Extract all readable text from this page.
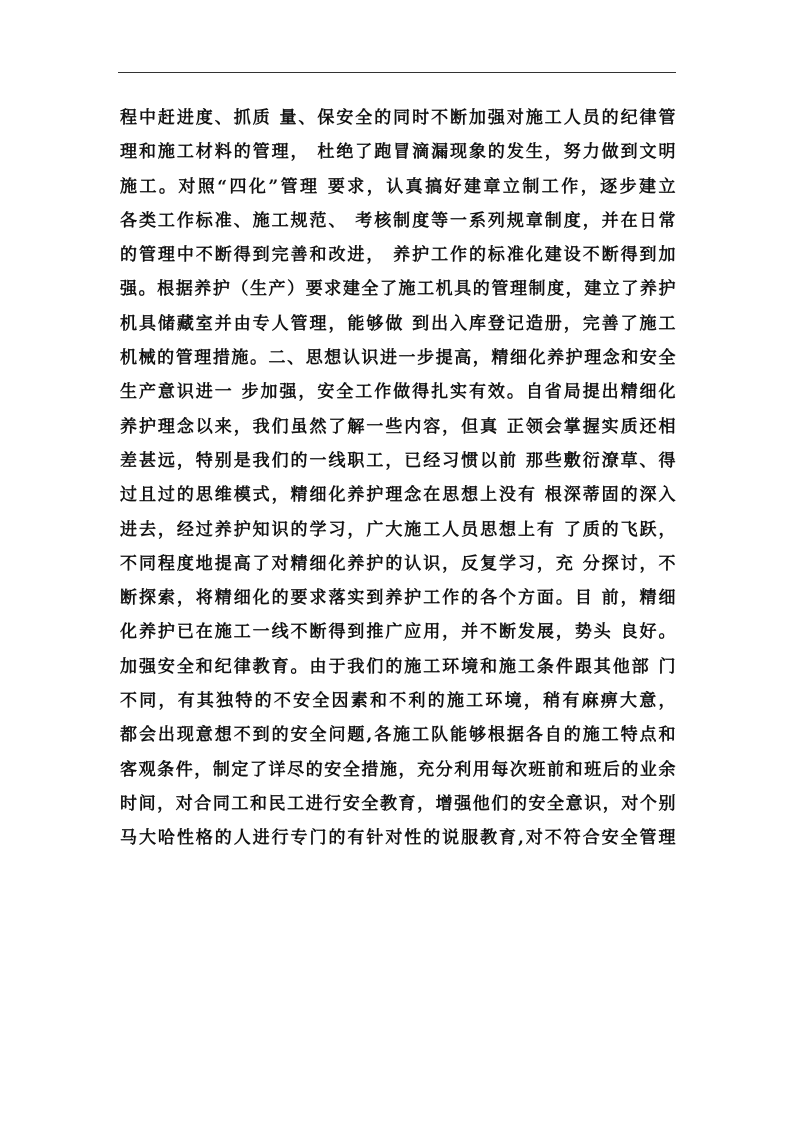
程中赶进度、抓质 量、保安全的同时不断加强对施工人员的纪律管
理和施工材料的管理， 杜绝了跑冒滴漏现象的发生，努力做到文明
施工。对照“四化”管理 要求，认真搞好建章立制工作，逐步建立
各类工作标准、施工规范、 考核制度等一系列规章制度，并在日常
的管理中不断得到完善和改进， 养护工作的标准化建设不断得到加
强。根据养护（生产）要求建全了施工机具的管理制度，建立了养护
机具储藏室并由专人管理，能够做 到出入库登记造册，完善了施工
机械的管理措施。二、思想认识进一步提高，精细化养护理念和安全
生产意识进一 步加强，安全工作做得扎实有效。自省局提出精细化
养护理念以来，我们虽然了解一些内容，但真 正领会掌握实质还相
差甚远，特别是我们的一线职工，已经习惯以前 那些敷衍潦草、得
过且过的思维模式，精细化养护理念在思想上没有 根深蒂固的深入
进去，经过养护知识的学习，广大施工人员思想上有 了质的飞跃，
不同程度地提高了对精细化养护的认识，反复学习，充 分探讨，不
断探索，将精细化的要求落实到养护工作的各个方面。目 前，精细
化养护已在施工一线不断得到推广应用，并不断发展，势头 良好。
加强安全和纪律教育。由于我们的施工环境和施工条件跟其他部 门
不同，有其独特的不安全因素和不利的施工环境，稍有麻痹大意，
都会出现意想不到的安全问题,各施工队能够根据各自的施工特点和
客观条件，制定了详尽的安全措施，充分利用每次班前和班后的业余
时间，对合同工和民工进行安全教育，增强他们的安全意识，对个别
马大哈性格的人进行专门的有针对性的说服教育,对不符合安全管理
